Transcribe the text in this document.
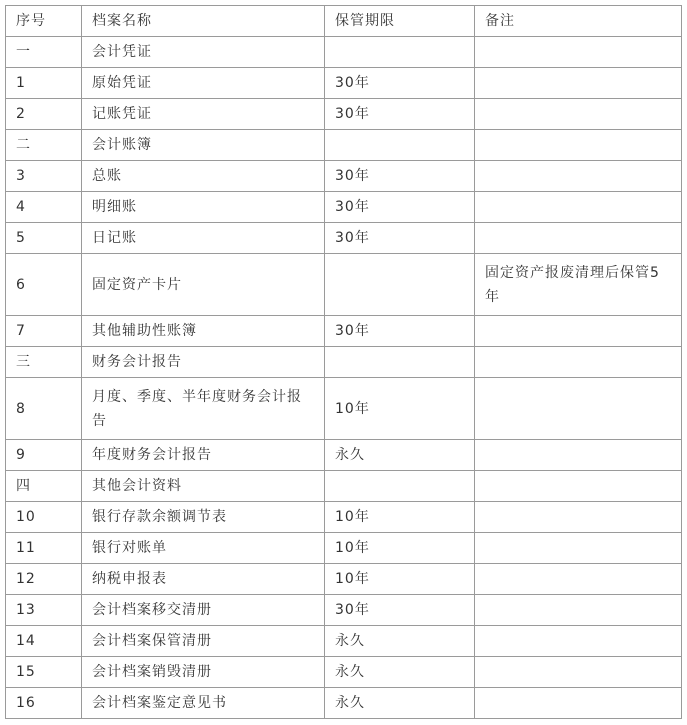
序号	档案名称	保管期限	备注
一	会计凭证		
1	原始凭证	30年	
2	记账凭证	30年	
二	会计账簿		
3	总账	30年	
4	明细账	30年	
5	日记账	30年	
6	固定资产卡片		固定资产报废清理后保管5年
7	其他辅助性账簿	30年	
三	财务会计报告		
8	月度、季度、半年度财务会计报告	10年	
9	年度财务会计报告	永久	
四	其他会计资料		
10	银行存款余额调节表	10年	
11	银行对账单	10年	
12	纳税申报表	10年	
13	会计档案移交清册	30年	
14	会计档案保管清册	永久	
15	会计档案销毁清册	永久	
16	会计档案鉴定意见书	永久	
